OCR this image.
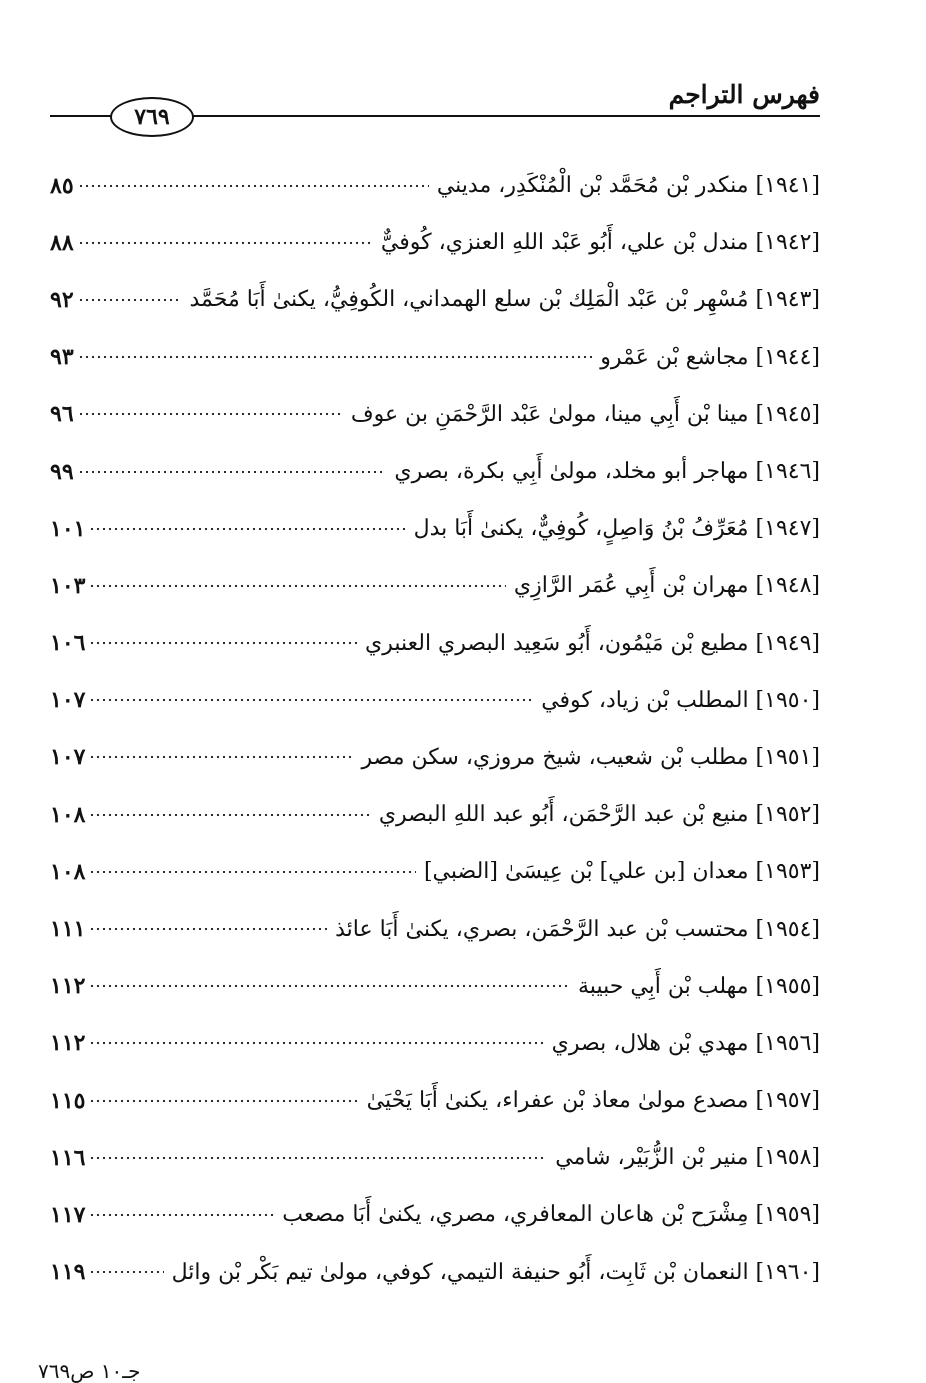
فهرس التراجم
٧٦٩
[١٩٤١] منكدر بْن مُحَمَّد بْن الْمُنْكَدِر، مديني
٨٥
[١٩٤٢] مندل بْن علي، أَبُو عَبْد اللهِ العنزي، كُوفيٌّ
٨٨
[١٩٤٣] مُسْهِر بْن عَبْد الْمَلِك بْن سلع الهمداني، الكُوفِيُّ، يكنىٰ أَبَا مُحَمَّد
٩٢
[١٩٤٤] مجاشع بْن عَمْرو
٩٣
[١٩٤٥] مينا بْن أَبِي مينا، مولىٰ عَبْد الرَّحْمَنِ بن عوف
٩٦
[١٩٤٦] مهاجر أبو مخلد، مولىٰ أَبِي بكرة، بصري
٩٩
[١٩٤٧] مُعَرِّفُ بْنُ وَاصِلٍ، كُوفِيٌّ، يكنىٰ أَبَا بدل
١٠١
[١٩٤٨] مهران بْن أَبِي عُمَر الرَّازِي
١٠٣
[١٩٤٩] مطيع بْن مَيْمُون، أَبُو سَعِيد البصري العنبري
١٠٦
[١٩٥٠] المطلب بْن زياد، كوفي
١٠٧
[١٩٥١] مطلب بْن شعيب، شيخ مروزي، سكن مصر
١٠٧
[١٩٥٢] منيع بْن عبد الرَّحْمَن، أَبُو عبد اللهِ البصري
١٠٨
[١٩٥٣] معدان [بن علي] بْن عِيسَىٰ [الضبي]
١٠٨
[١٩٥٤] محتسب بْن عبد الرَّحْمَن، بصري، يكنىٰ أَبَا عائذ
١١١
[١٩٥٥] مهلب بْن أَبِي حبيبة
١١٢
[١٩٥٦] مهدي بْن هلال، بصري
١١٢
[١٩٥٧] مصدع مولىٰ معاذ بْن عفراء، يكنىٰ أَبَا يَحْيَىٰ
١١٥
[١٩٥٨] منير بْن الزُّبَيْر، شامي
١١٦
[١٩٥٩] مِشْرَح بْن هاعان المعافري، مصري، يكنىٰ أَبَا مصعب
١١٧
[١٩٦٠] النعمان بْن ثَابِت، أَبُو حنيفة التيمي، كوفي، مولىٰ تيم بَكْر بْن وائل
١١٩
جـ١٠ ص٧٦٩
